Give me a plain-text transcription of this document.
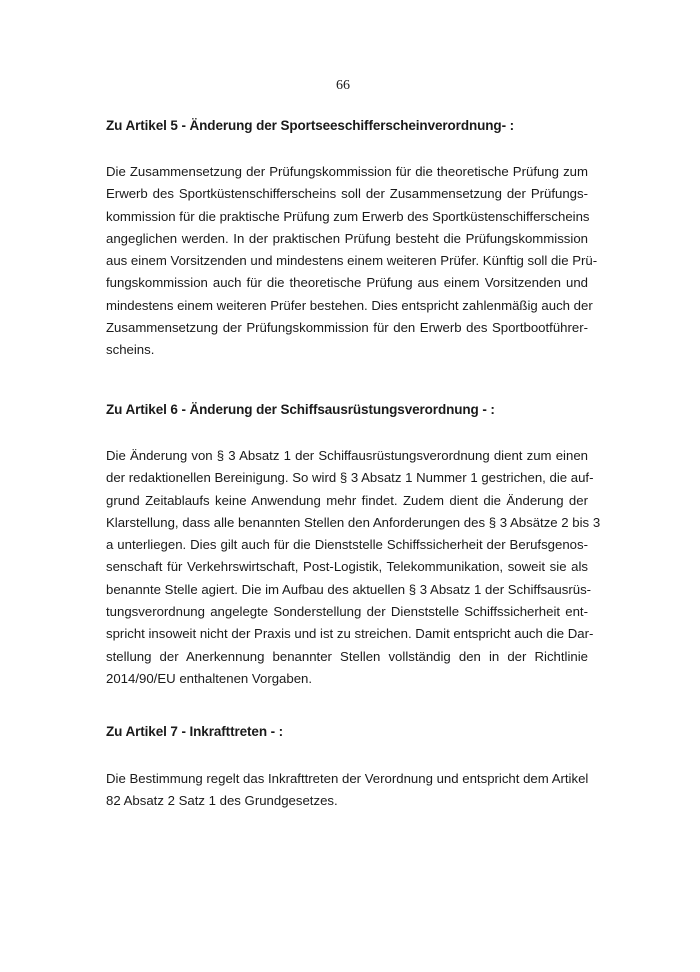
66
Zu Artikel 5 - Änderung der Sportseeschifferscheinverordnung- :
Die Zusammensetzung der Prüfungskommission für die theoretische Prüfung zum
Erwerb des Sportküstenschifferscheins soll der Zusammensetzung der Prüfungs-
kommission für die praktische Prüfung zum Erwerb des Sportküstenschifferscheins
angeglichen werden. In der praktischen Prüfung besteht die Prüfungskommission
aus einem Vorsitzenden und mindestens einem weiteren Prüfer. Künftig soll die Prü-
fungskommission auch für die theoretische Prüfung aus einem Vorsitzenden und
mindestens einem weiteren Prüfer bestehen. Dies entspricht zahlenmäßig auch der
Zusammensetzung der Prüfungskommission für den Erwerb des Sportbootführer-
scheins.
Zu Artikel 6 - Änderung der Schiffsausrüstungsverordnung - :
Die Änderung von § 3 Absatz 1 der Schiffausrüstungsverordnung dient zum einen
der redaktionellen Bereinigung. So wird § 3 Absatz 1 Nummer 1 gestrichen, die auf-
grund Zeitablaufs keine Anwendung mehr findet. Zudem dient die Änderung der
Klarstellung, dass alle benannten Stellen den Anforderungen des § 3 Absätze 2 bis 3
a unterliegen. Dies gilt auch für die Dienststelle Schiffssicherheit der Berufsgenos-
senschaft für Verkehrswirtschaft, Post-Logistik, Telekommunikation, soweit sie als
benannte Stelle agiert. Die im Aufbau des aktuellen § 3 Absatz 1 der Schiffsausrüs-
tungsverordnung angelegte Sonderstellung der Dienststelle Schiffssicherheit ent-
spricht insoweit nicht der Praxis und ist zu streichen. Damit entspricht auch die Dar-
stellung der Anerkennung benannter Stellen vollständig den in der Richtlinie
2014/90/EU enthaltenen Vorgaben.
Zu Artikel 7 - Inkrafttreten - :
Die Bestimmung regelt das Inkrafttreten der Verordnung und entspricht dem Artikel
82 Absatz 2 Satz 1 des Grundgesetzes.
